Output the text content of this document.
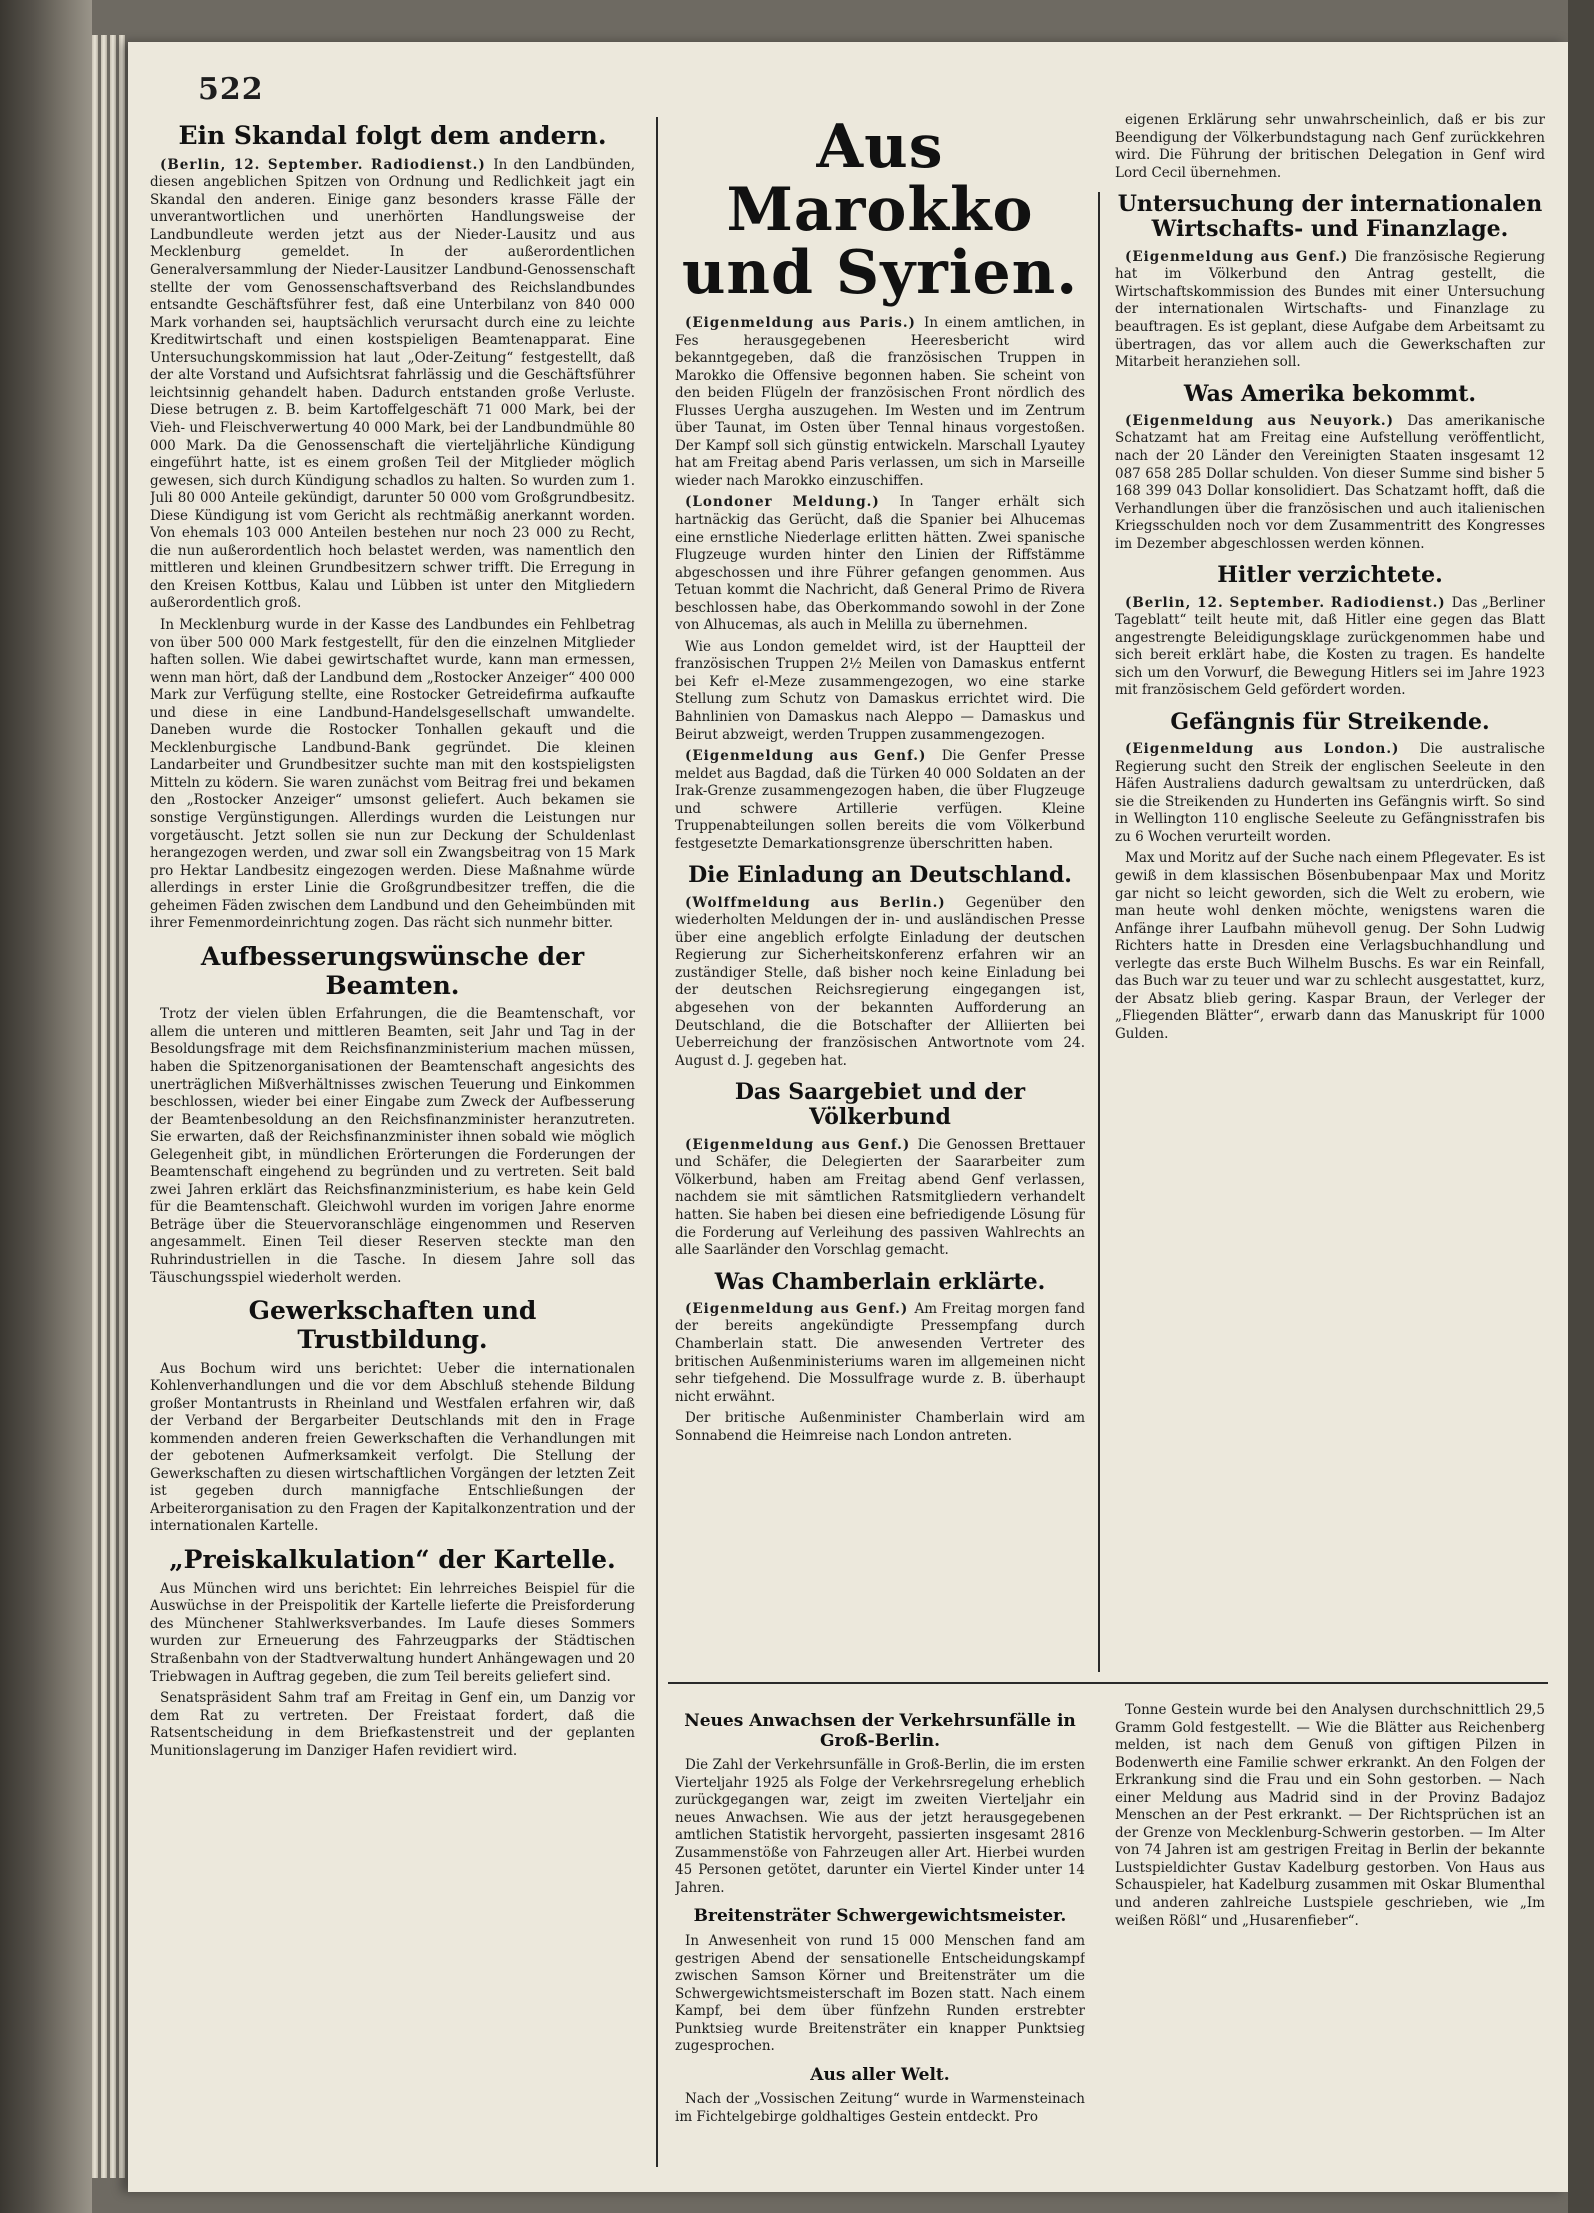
522
Ein Skandal folgt dem andern.

(Berlin, 12. September. Radiodienst.) In den Landbünden, diesen angeblichen Spitzen von Ordnung und Redlichkeit jagt ein Skandal den anderen. Einige ganz besonders krasse Fälle der unverantwortlichen und unerhörten Handlungsweise der Landbundleute werden jetzt aus der Nieder-Lausitz und aus Mecklenburg gemeldet. In der außerordentlichen Generalversammlung der Nieder-Lausitzer Landbund-Genossenschaft stellte der vom Genossenschaftsverband des Reichslandbundes entsandte Geschäftsführer fest, daß eine Unterbilanz von 840 000 Mark vorhanden sei, hauptsächlich verursacht durch eine zu leichte Kreditwirtschaft und einen kostspieligen Beamtenapparat. Eine Untersuchungskommission hat laut „Oder-Zeitung“ festgestellt, daß der alte Vorstand und Aufsichtsrat fahrlässig und die Geschäftsführer leichtsinnig gehandelt haben. Dadurch entstanden große Verluste. Diese betrugen z. B. beim Kartoffelgeschäft 71 000 Mark, bei der Vieh- und Fleischverwertung 40 000 Mark, bei der Landbundmühle 80 000 Mark. Da die Genossenschaft die vierteljährliche Kündigung eingeführt hatte, ist es einem großen Teil der Mitglieder möglich gewesen, sich durch Kündigung schadlos zu halten. So wurden zum 1. Juli 80 000 Anteile gekündigt, darunter 50 000 vom Großgrundbesitz. Diese Kündigung ist vom Gericht als rechtmäßig anerkannt worden. Von ehemals 103 000 Anteilen bestehen nur noch 23 000 zu Recht, die nun außerordentlich hoch belastet werden, was namentlich den mittleren und kleinen Grundbesitzern schwer trifft. Die Erregung in den Kreisen Kottbus, Kalau und Lübben ist unter den Mitgliedern außerordentlich groß.

In Mecklenburg wurde in der Kasse des Landbundes ein Fehlbetrag von über 500 000 Mark festgestellt, für den die einzelnen Mitglieder haften sollen. Wie dabei gewirtschaftet wurde, kann man ermessen, wenn man hört, daß der Landbund dem „Rostocker Anzeiger“ 400 000 Mark zur Verfügung stellte, eine Rostocker Getreidefirma aufkaufte und diese in eine Landbund-Handelsgesellschaft umwandelte. Daneben wurde die Rostocker Tonhallen gekauft und die Mecklenburgische Landbund-Bank gegründet. Die kleinen Landarbeiter und Grundbesitzer suchte man mit den kostspieligsten Mitteln zu ködern. Sie waren zunächst vom Beitrag frei und bekamen den „Rostocker Anzeiger“ umsonst geliefert. Auch bekamen sie sonstige Vergünstigungen. Allerdings wurden die Leistungen nur vorgetäuscht. Jetzt sollen sie nun zur Deckung der Schuldenlast herangezogen werden, und zwar soll ein Zwangsbeitrag von 15 Mark pro Hektar Landbesitz eingezogen werden. Diese Maßnahme würde allerdings in erster Linie die Großgrundbesitzer treffen, die die geheimen Fäden zwischen dem Landbund und den Geheimbünden mit ihrer Femenmordeinrichtung zogen. Das rächt sich nunmehr bitter.

Aufbesserungswünsche der Beamten.

Trotz der vielen üblen Erfahrungen, die die Beamtenschaft, vor allem die unteren und mittleren Beamten, seit Jahr und Tag in der Besoldungsfrage mit dem Reichsfinanzministerium machen müssen, haben die Spitzenorganisationen der Beamtenschaft angesichts des unerträglichen Mißverhältnisses zwischen Teuerung und Einkommen beschlossen, wieder bei einer Eingabe zum Zweck der Aufbesserung der Beamtenbesoldung an den Reichsfinanzminister heranzutreten. Sie erwarten, daß der Reichsfinanzminister ihnen sobald wie möglich Gelegenheit gibt, in mündlichen Erörterungen die Forderungen der Beamtenschaft eingehend zu begründen und zu vertreten. Seit bald zwei Jahren erklärt das Reichsfinanzministerium, es habe kein Geld für die Beamtenschaft. Gleichwohl wurden im vorigen Jahre enorme Beträge über die Steuervoranschläge eingenommen und Reserven angesammelt. Einen Teil dieser Reserven steckte man den Ruhrindustriellen in die Tasche. In diesem Jahre soll das Täuschungsspiel wiederholt werden.

Gewerkschaften und Trustbildung.

Aus Bochum wird uns berichtet: Ueber die internationalen Kohlenverhandlungen und die vor dem Abschluß stehende Bildung großer Montantrusts in Rheinland und Westfalen erfahren wir, daß der Verband der Bergarbeiter Deutschlands mit den in Frage kommenden anderen freien Gewerkschaften die Verhandlungen mit der gebotenen Aufmerksamkeit verfolgt. Die Stellung der Gewerkschaften zu diesen wirtschaftlichen Vorgängen der letzten Zeit ist gegeben durch mannigfache Entschließungen der Arbeiterorganisation zu den Fragen der Kapitalkonzentration und der internationalen Kartelle.

„Preiskalkulation“ der Kartelle.

Aus München wird uns berichtet: Ein lehrreiches Beispiel für die Auswüchse in der Preispolitik der Kartelle lieferte die Preisforderung des Münchener Stahlwerksverbandes. Im Laufe dieses Sommers wurden zur Erneuerung des Fahrzeugparks der Städtischen Straßenbahn von der Stadtverwaltung hundert Anhängewagen und 20 Triebwagen in Auftrag gegeben, die zum Teil bereits geliefert sind.

Senatspräsident Sahm traf am Freitag in Genf ein, um Danzig vor dem Rat zu vertreten. Der Freistaat fordert, daß die Ratsentscheidung in dem Briefkastenstreit und der geplanten Munitionslagerung im Danziger Hafen revidiert wird.

Aus Marokko und Syrien.

(Eigenmeldung aus Paris.) In einem amtlichen, in Fes herausgegebenen Heeresbericht wird bekanntgegeben, daß die französischen Truppen in Marokko die Offensive begonnen haben. Sie scheint von den beiden Flügeln der französischen Front nördlich des Flusses Uergha auszugehen. Im Westen und im Zentrum über Taunat, im Osten über Tennal hinaus vorgestoßen. Der Kampf soll sich günstig entwickeln. Marschall Lyautey hat am Freitag abend Paris verlassen, um sich in Marseille wieder nach Marokko einzuschiffen.

(Londoner Meldung.) In Tanger erhält sich hartnäckig das Gerücht, daß die Spanier bei Alhucemas eine ernstliche Niederlage erlitten hätten. Zwei spanische Flugzeuge wurden hinter den Linien der Riffstämme abgeschossen und ihre Führer gefangen genommen. Aus Tetuan kommt die Nachricht, daß General Primo de Rivera beschlossen habe, das Oberkommando sowohl in der Zone von Alhucemas, als auch in Melilla zu übernehmen.

Wie aus London gemeldet wird, ist der Hauptteil der französischen Truppen 2½ Meilen von Damaskus entfernt bei Kefr el-Meze zusammengezogen, wo eine starke Stellung zum Schutz von Damaskus errichtet wird. Die Bahnlinien von Damaskus nach Aleppo — Damaskus und Beirut abzweigt, werden Truppen zusammengezogen.

(Eigenmeldung aus Genf.) Die Genfer Presse meldet aus Bagdad, daß die Türken 40 000 Soldaten an der Irak-Grenze zusammengezogen haben, die über Flugzeuge und schwere Artillerie verfügen. Kleine Truppenabteilungen sollen bereits die vom Völkerbund festgesetzte Demarkationsgrenze überschritten haben.

Die Einladung an Deutschland.

(Wolffmeldung aus Berlin.) Gegenüber den wiederholten Meldungen der in- und ausländischen Presse über eine angeblich erfolgte Einladung der deutschen Regierung zur Sicherheitskonferenz erfahren wir an zuständiger Stelle, daß bisher noch keine Einladung bei der deutschen Reichsregierung eingegangen ist, abgesehen von der bekannten Aufforderung an Deutschland, die die Botschafter der Alliierten bei Ueberreichung der französischen Antwortnote vom 24. August d. J. gegeben hat.

Das Saargebiet und der Völkerbund

(Eigenmeldung aus Genf.) Die Genossen Brettauer und Schäfer, die Delegierten der Saararbeiter zum Völkerbund, haben am Freitag abend Genf verlassen, nachdem sie mit sämtlichen Ratsmitgliedern verhandelt hatten. Sie haben bei diesen eine befriedigende Lösung für die Forderung auf Verleihung des passiven Wahlrechts an alle Saarländer den Vorschlag gemacht.

Was Chamberlain erklärte.

(Eigenmeldung aus Genf.) Am Freitag morgen fand der bereits angekündigte Pressempfang durch Chamberlain statt. Die anwesenden Vertreter des britischen Außenministeriums waren im allgemeinen nicht sehr tiefgehend. Die Mossulfrage wurde z. B. überhaupt nicht erwähnt.

Der britische Außenminister Chamberlain wird am Sonnabend die Heimreise nach London antreten.

eigenen Erklärung sehr unwahrscheinlich, daß er bis zur Beendigung der Völkerbundstagung nach Genf zurückkehren wird. Die Führung der britischen Delegation in Genf wird Lord Cecil übernehmen.

Untersuchung der internationalen Wirtschafts- und Finanzlage.

(Eigenmeldung aus Genf.) Die französische Regierung hat im Völkerbund den Antrag gestellt, die Wirtschaftskommission des Bundes mit einer Untersuchung der internationalen Wirtschafts- und Finanzlage zu beauftragen. Es ist geplant, diese Aufgabe dem Arbeitsamt zu übertragen, das vor allem auch die Gewerkschaften zur Mitarbeit heranziehen soll.

Was Amerika bekommt.

(Eigenmeldung aus Neuyork.) Das amerikanische Schatzamt hat am Freitag eine Aufstellung veröffentlicht, nach der 20 Länder den Vereinigten Staaten insgesamt 12 087 658 285 Dollar schulden. Von dieser Summe sind bisher 5 168 399 043 Dollar konsolidiert. Das Schatzamt hofft, daß die Verhandlungen über die französischen und auch italienischen Kriegsschulden noch vor dem Zusammentritt des Kongresses im Dezember abgeschlossen werden können.

Hitler verzichtete.

(Berlin, 12. September. Radiodienst.) Das „Berliner Tageblatt“ teilt heute mit, daß Hitler eine gegen das Blatt angestrengte Beleidigungsklage zurückgenommen habe und sich bereit erklärt habe, die Kosten zu tragen. Es handelte sich um den Vorwurf, die Bewegung Hitlers sei im Jahre 1923 mit französischem Geld gefördert worden.

Gefängnis für Streikende.

(Eigenmeldung aus London.) Die australische Regierung sucht den Streik der englischen Seeleute in den Häfen Australiens dadurch gewaltsam zu unterdrücken, daß sie die Streikenden zu Hunderten ins Gefängnis wirft. So sind in Wellington 110 englische Seeleute zu Gefängnisstrafen bis zu 6 Wochen verurteilt worden.

Max und Moritz auf der Suche nach einem Pflegevater. Es ist gewiß in dem klassischen Bösenbubenpaar Max und Moritz gar nicht so leicht geworden, sich die Welt zu erobern, wie man heute wohl denken möchte, wenigstens waren die Anfänge ihrer Laufbahn mühevoll genug. Der Sohn Ludwig Richters hatte in Dresden eine Verlagsbuchhandlung und verlegte das erste Buch Wilhelm Buschs. Es war ein Reinfall, das Buch war zu teuer und war zu schlecht ausgestattet, kurz, der Absatz blieb gering. Kaspar Braun, der Verleger der „Fliegenden Blätter“, erwarb dann das Manuskript für 1000 Gulden.

Neues Anwachsen der Verkehrsunfälle in Groß-Berlin.

Die Zahl der Verkehrsunfälle in Groß-Berlin, die im ersten Vierteljahr 1925 als Folge der Verkehrsregelung erheblich zurückgegangen war, zeigt im zweiten Vierteljahr ein neues Anwachsen. Wie aus der jetzt herausgegebenen amtlichen Statistik hervorgeht, passierten insgesamt 2816 Zusammenstöße von Fahrzeugen aller Art. Hierbei wurden 45 Personen getötet, darunter ein Viertel Kinder unter 14 Jahren.

Breitensträter Schwergewichtsmeister.

In Anwesenheit von rund 15 000 Menschen fand am gestrigen Abend der sensationelle Entscheidungskampf zwischen Samson Körner und Breitensträter um die Schwergewichtsmeisterschaft im Bozen statt. Nach einem Kampf, bei dem über fünfzehn Runden erstrebter Punktsieg wurde Breitensträter ein knapper Punktsieg zugesprochen.

Aus aller Welt.

Nach der „Vossischen Zeitung“ wurde in Warmensteinach im Fichtelgebirge goldhaltiges Gestein entdeckt. Pro

Tonne Gestein wurde bei den Analysen durchschnittlich 29,5 Gramm Gold festgestellt. — Wie die Blätter aus Reichenberg melden, ist nach dem Genuß von giftigen Pilzen in Bodenwerth eine Familie schwer erkrankt. An den Folgen der Erkrankung sind die Frau und ein Sohn gestorben. — Nach einer Meldung aus Madrid sind in der Provinz Badajoz Menschen an der Pest erkrankt. — Der Richtsprüchen ist an der Grenze von Mecklenburg-Schwerin gestorben. — Im Alter von 74 Jahren ist am gestrigen Freitag in Berlin der bekannte Lustspieldichter Gustav Kadelburg gestorben. Von Haus aus Schauspieler, hat Kadelburg zusammen mit Oskar Blumenthal und anderen zahlreiche Lustspiele geschrieben, wie „Im weißen Rößl“ und „Husarenfieber“.
